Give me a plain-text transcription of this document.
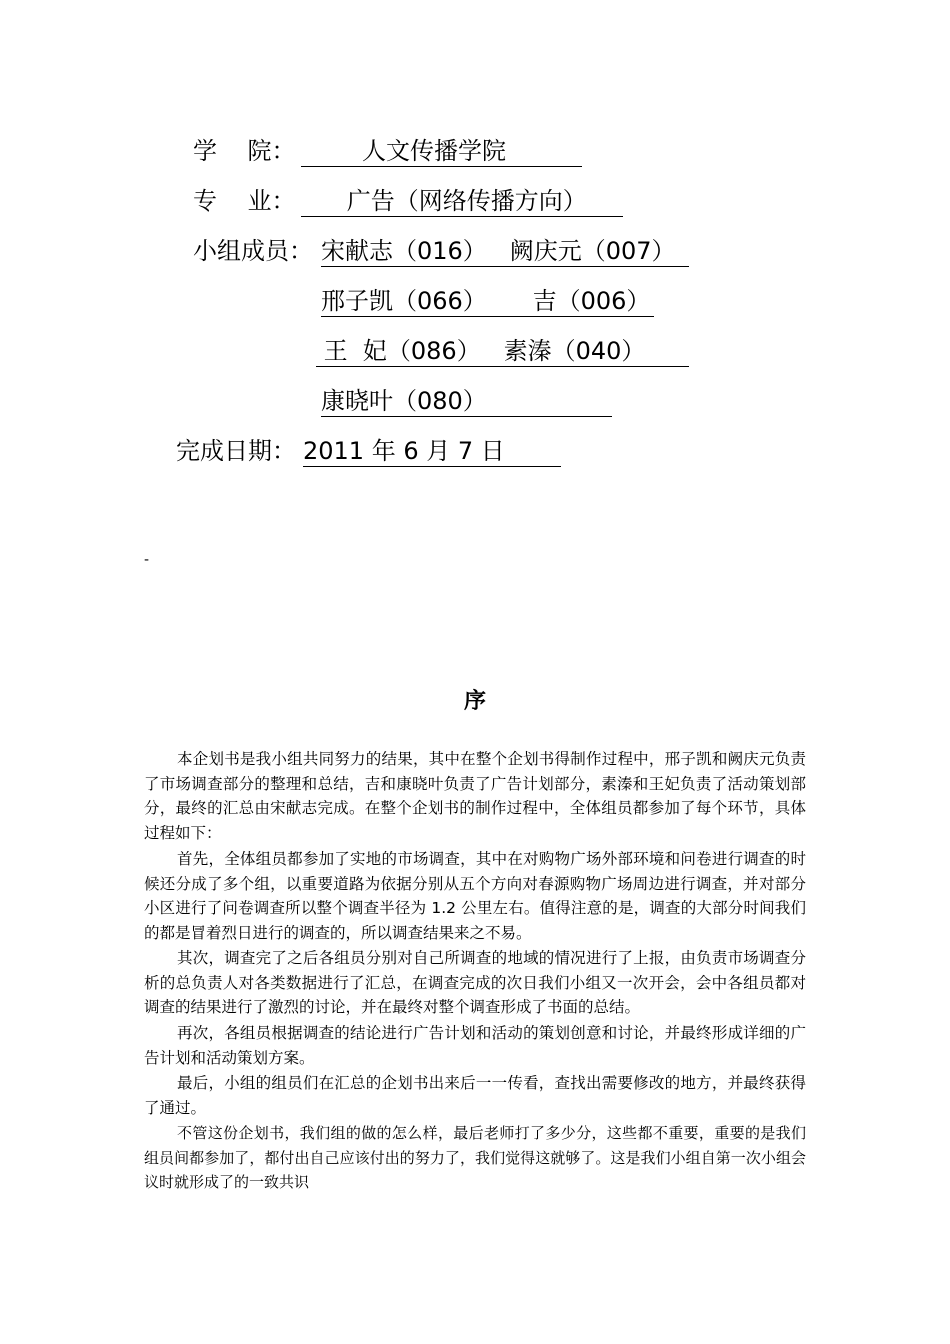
学    院： 人文传播学院
专    业： 广告（网络传播方向）
小组成员： 宋献志（016）   阙庆元（007）
邢子凯（066）      吉（006）
王  妃（086）   素溱（040）
康晓叶（080）
完成日期： 2011 年 6 月 7 日
-
序
本企划书是我小组共同努力的结果，其中在整个企划书得制作过程中，邢子凯和阙庆元负责了市场调查部分的整理和总结，吉和康晓叶负责了广告计划部分，素溱和王妃负责了活动策划部分，最终的汇总由宋献志完成。在整个企划书的制作过程中，全体组员都参加了每个环节，具体过程如下：
首先，全体组员都参加了实地的市场调查，其中在对购物广场外部环境和问卷进行调查的时候还分成了多个组，以重要道路为依据分别从五个方向对春源购物广场周边进行调查，并对部分小区进行了问卷调查所以整个调查半径为 1.2 公里左右。值得注意的是，调查的大部分时间我们的都是冒着烈日进行的调查的，所以调查结果来之不易。
其次，调查完了之后各组员分别对自己所调查的地域的情况进行了上报，由负责市场调查分析的总负责人对各类数据进行了汇总，在调查完成的次日我们小组又一次开会，会中各组员都对调查的结果进行了激烈的讨论，并在最终对整个调查形成了书面的总结。
再次，各组员根据调查的结论进行广告计划和活动的策划创意和讨论，并最终形成详细的广告计划和活动策划方案。
最后，小组的组员们在汇总的企划书出来后一一传看，查找出需要修改的地方，并最终获得了通过。
不管这份企划书，我们组的做的怎么样，最后老师打了多少分，这些都不重要，重要的是我们组员间都参加了，都付出自己应该付出的努力了，我们觉得这就够了。这是我们小组自第一次小组会议时就形成了的一致共识
